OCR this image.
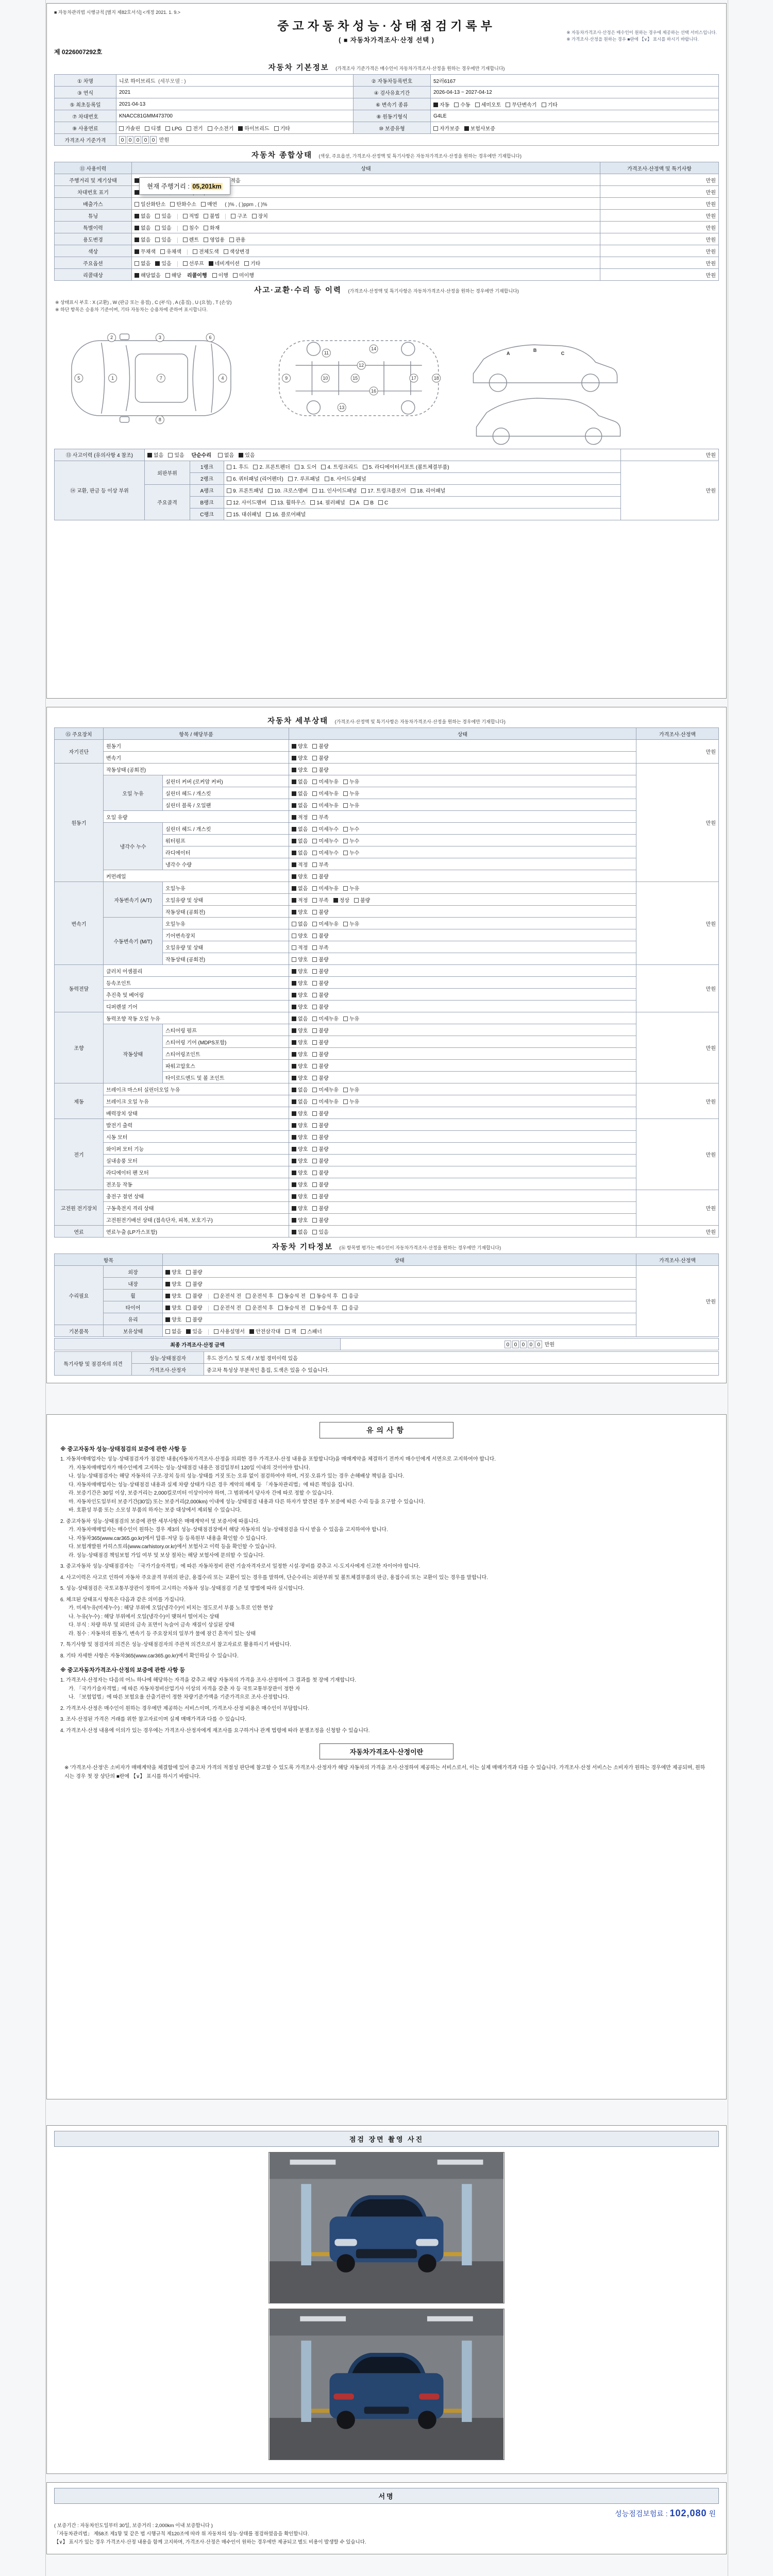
■ 자동차관리법 시행규칙 [별지 제82호서식] <개정 2021. 1. 9.>
중고자동차성능·상태점검기록부
( ■ 자동차가격조사·산정 선택 )
※ 자동차가격조사·산정은 매수인이 원하는 경우에 제공하는 선택 서비스입니다.
※ 가격조사·산정을 원하는 경우 ■란에 【∨】 표시를 하시기 바랍니다.
제 0226007292호
자동차 기본정보 (가격조사 기준가격은 매수인이 자동차가격조사·산정을 원하는 경우에만 기재합니다)
① 차명	니로 하이브리드 (세부모델 : )	② 자동차등록번호	52러6167
③ 연식	2021	④ 검사유효기간	2026-04-13 ~ 2027-04-12
⑤ 최초등록일	2021-04-13	⑥ 변속기 종류	자동 수동 세미오토 무단변속기 기타
⑦ 차대번호	KNACC81GMM473700	⑧ 원동기형식	G4LE
⑨ 사용연료	가솔린 디젤 LPG 전기 수소전기 하이브리드 기타	⑩ 보증유형	자가보증 보험사보증
가격조사 기준가격	0 0 0 0 0 만원		
자동차 종합상태 (색상, 주요옵션, 가격조사·산정액 및 특기사항은 자동차가격조사·산정을 원하는 경우에만 기재합니다)
⑪ 사용이력	상태	가격조사·산정액 및 특기사항
주행거리 및 계기상태	적음	만원
차대번호 표기		만원
배출가스	일산화탄소 탄화수소 매연 ( )% , ( )ppm , ( )%	만원
튜닝	없음 있음 적법 불법 구조 장치	만원
특별이력	없음 있음 침수 화재	만원
용도변경	없음 있음 렌트 영업용 관용	만원
색상	무채색 유채색 전체도색 색상변경	만원
주요옵션	없음 있음 선루프 네비게이션 기타	만원
리콜대상	해당없음 해당 리콜이행 이행 미이행	만원
현재 주행거리 : 05,201km
사고·교환·수리 등 이력 (가격조사·산정액 및 특기사항은 자동차가격조사·산정을 원하는 경우에만 기재합니다)
※ 상태표시 부호 : X (교환) , W (판금 또는 용접) , C (부식) , A (흠집) , U (요철) , T (손상)
※ 하단 항목은 승용차 기준이며, 기타 자동차는 승용차에 준하여 표시합니다.
5	1
2	3
7
6
4
8
9	10
11
12
13
14
15
16
17	18
A
B
C
⑬ 사고이력 (유의사항 4 참조)	없음 있음 단순수리 없음 있음			만원
⑭ 교환, 판금 등 이상 부위	외판부위	1랭크	1. 후드 2. 프론트펜더 3. 도어 4. 트렁크리드 5. 라디에이터서포트 (볼트체결부품)	만원
		2랭크	6. 쿼터패널 (리어펜더) 7. 루프패널 8. 사이드실패널	
	주요골격	A랭크	9. 프론트패널 10. 크로스멤버 11. 인사이드패널 17. 트렁크플로어 18. 리어패널	
		B랭크	12. 사이드멤버 13. 휠하우스 14. 필러패널 A B C	
		C랭크	15. 대쉬패널 16. 플로어패널	
자동차 세부상태 (가격조사·산정액 및 특기사항은 자동차가격조사·산정을 원하는 경우에만 기재합니다)
⑮ 주요장치	항목 / 해당부품		상태	가격조사·산정액
자기진단	원동기		양호 불량	만원
	변속기		양호 불량	
원동기	작동상태 (공회전)		양호 불량	만원
	오일 누유	실린더 커버 (로커암 커버)	없음 미세누유 누유	
		실린더 헤드 / 개스킷	없음 미세누유 누유	
		실린더 블록 / 오일팬	없음 미세누유 누유	
	오일 유량		적정 부족	
	냉각수 누수	실린더 헤드 / 개스킷	없음 미세누수 누수	
		워터펌프	없음 미세누수 누수	
		라디에이터	없음 미세누수 누수	
		냉각수 수량	적정 부족	
	커먼레일		양호 불량	
변속기	자동변속기 (A/T)	오일누유	없음 미세누유 누유	만원
		오일유량 및 상태	적정 부족 정상 불량	
		작동상태 (공회전)	양호 불량	
	수동변속기 (M/T)	오일누유	없음 미세누유 누유	
		기어변속장치	양호 불량	
		오일유량 및 상태	적정 부족	
		작동상태 (공회전)	양호 불량	
동력전달	클러치 어셈블리		양호 불량	만원
	등속조인트		양호 불량	
	추진축 및 베어링		양호 불량	
	디퍼렌셜 기어		양호 불량	
조향	동력조향 작동 오일 누유		없음 미세누유 누유	만원
	작동상태	스티어링 펌프	양호 불량	
		스티어링 기어 (MDPS포함)	양호 불량	
		스티어링조인트	양호 불량	
		파워고압호스	양호 불량	
		타이로드엔드 및 볼 조인트	양호 불량	
제동	브레이크 마스터 실린더오일 누유		없음 미세누유 누유	만원
	브레이크 오일 누유		없음 미세누유 누유	
	배력장치 상태		양호 불량	
전기	발전기 출력		양호 불량	만원
	시동 모터		양호 불량	
	와이퍼 모터 기능		양호 불량	
	실내송풍 모터		양호 불량	
	라디에이터 팬 모터		양호 불량	
	전조등 작동		양호 불량	
고전원 전기장치	충전구 절연 상태		양호 불량	만원
	구동축전지 격리 상태		양호 불량	
	고전원전기배선 상태 (접속단자, 피복, 보호기구)		양호 불량	
연료	연료누출 (LP가스포함)		없음 있음	만원
자동차 기타정보 (⑯ 항목별 평가는 매수인이 자동차가격조사·산정을 원하는 경우에만 기재합니다)
항목		상태	가격조사·산정액
수리필요	외장	양호 불량	만원
	내장	양호 불량	
	휠	양호 불량 운전석 전 운전석 후 동승석 전 동승석 후 응급	
	타이어	양호 불량 운전석 전 운전석 후 동승석 전 동승석 후 응급	
	유리	양호 불량	
기본품목	보유상태	없음 있음 사용설명서 안전삼각대 잭 스패너	
최종 가격조사·산정 금액	0 0 0 0 0 만원
특기사항 및 점검자의 의견	성능·상태점검자	후드 잔기스 및 도색 / 보험 경미이력 있음
	가격조사·산정자	중고차 특성상 부분적인 흠집, 도색은 있을 수 있습니다.
유의사항
※ 중고자동차 성능·상태점검의 보증에 관한 사항 등
1. 자동차매매업자는 성능·상태점검자가 점검한 내용(자동차가격조사·산정을 의뢰한 경우 가격조사·산정 내용을 포함합니다)을 매매계약을 체결하기 전까지 매수인에게 서면으로 고지하여야 합니다.
가. 자동차매매업자가 매수인에게 고지하는 성능·상태점검 내용은 점검일부터 120일 이내의 것이어야 합니다.
나. 성능·상태점검자는 해당 자동차의 구조·장치 등의 성능·상태를 거짓 또는 오류 없이 점검하여야 하며, 거짓·오류가 있는 경우 손해배상 책임을 집니다.
다. 자동차매매업자는 성능·상태점검 내용과 실제 차량 상태가 다른 경우 계약의 해제 등 「자동차관리법」에 따른 책임을 집니다.
라. 보증기간은 30일 이상, 보증거리는 2,000킬로미터 이상이어야 하며, 그 범위에서 당사자 간에 따로 정할 수 있습니다.
마. 자동차인도일부터 보증기간(30일) 또는 보증거리(2,000km) 이내에 성능·상태점검 내용과 다른 하자가 발견된 경우 보증에 따른 수리 등을 요구할 수 있습니다.
바. 호환성 부품 또는 소모성 부품의 하자는 보증 대상에서 제외될 수 있습니다.
2. 중고자동차 성능·상태점검의 보증에 관한 세부사항은 매매계약서 및 보증서에 따릅니다.
가. 자동차매매업자는 매수인이 원하는 경우 제3의 성능·상태점검장에서 해당 자동차의 성능·상태점검을 다시 받을 수 있음을 고지하여야 합니다.
나. 자동차365(www.car365.go.kr)에서 압류·저당 등 등록원부 내용을 확인할 수 있습니다.
다. 보험개발원 카히스토리(www.carhistory.or.kr)에서 보험사고 이력 등을 확인할 수 있습니다.
라. 성능·상태점검 책임보험 가입 여부 및 보상 절차는 해당 보험사에 문의할 수 있습니다.
3. 중고자동차 성능·상태점검자는 「국가기술자격법」에 따른 자동차정비 관련 기술자격자로서 일정한 시설·장비를 갖추고 시·도지사에게 신고한 자이어야 합니다.
4. 사고이력은 사고로 인하여 자동차 주요골격 부위의 판금, 용접수리 또는 교환이 있는 경우를 말하며, 단순수리는 외판부위 및 볼트체결부품의 판금, 용접수리 또는 교환이 있는 경우를 말합니다.
5. 성능·상태점검은 국토교통부장관이 정하여 고시하는 자동차 성능·상태점검 기준 및 방법에 따라 실시합니다.
6. 체크된 상태표시 항목은 다음과 같은 의미를 가집니다.
가. 미세누유(미세누수) : 해당 부위에 오일(냉각수)이 비치는 정도로서 부품 노후로 인한 현상
나. 누유(누수) : 해당 부위에서 오일(냉각수)이 맺혀서 떨어지는 상태
다. 부식 : 차량 하부 및 외판의 금속 표면이 녹슬어 금속 재질이 상실된 상태
라. 침수 : 자동차의 원동기, 변속기 등 주요장치의 일부가 물에 잠긴 흔적이 있는 상태
7. 특기사항 및 점검자의 의견은 성능·상태점검자의 주관적 의견으로서 참고자료로 활용하시기 바랍니다.
8. 기타 자세한 사항은 자동차365(www.car365.go.kr)에서 확인하실 수 있습니다.
※ 중고자동차가격조사·산정의 보증에 관한 사항 등
1. 가격조사·산정자는 다음의 어느 하나에 해당하는 자격을 갖추고 해당 자동차의 가격을 조사·산정하여 그 결과를 첫 장에 기재합니다.
가. 「국가기술자격법」에 따른 자동차정비산업기사 이상의 자격을 갖춘 자 등 국토교통부장관이 정한 자
나. 「보험업법」에 따른 보험요율 산출기관이 정한 차량기준가액을 기준가격으로 조사·산정합니다.
2. 가격조사·산정은 매수인이 원하는 경우에만 제공하는 서비스이며, 가격조사·산정 비용은 매수인이 부담합니다.
3. 조사·산정된 가격은 거래를 위한 참고자료이며 실제 매매가격과 다를 수 있습니다.
4. 가격조사·산정 내용에 이의가 있는 경우에는 가격조사·산정자에게 재조사를 요구하거나 관계 법령에 따라 분쟁조정을 신청할 수 있습니다.
자동차가격조사·산정이란
※ '가격조사·산정'은 소비자가 매매계약을 체결함에 있어 중고차 가격의 적절성 판단에 참고할 수 있도록 가격조사·산정자가 해당 자동차의 가격을 조사·산정하여 제공하는 서비스로서, 이는 실제 매매가격과 다를 수 있습니다. 가격조사·산정 서비스는 소비자가 원하는 경우에만 제공되며, 원하시는 경우 첫 장 상단의 ■란에 【∨】 표시를 하시기 바랍니다.
점검 장면 촬영 사진
서명
성능점검보험료 : 102,080 원
( 보증기간 : 자동차인도일부터 30일, 보증거리 : 2,000km 이내 보증합니다 )
「자동차관리법」 제58조 제1항 및 같은 법 시행규칙 제120조에 따라 위 자동차의 성능·상태를 점검하였음을 확인합니다.
【∨】 표시가 있는 경우 가격조사·산정 내용을 함께 고지하며, 가격조사·산정은 매수인이 원하는 경우에만 제공되고 별도 비용이 발생할 수 있습니다.
